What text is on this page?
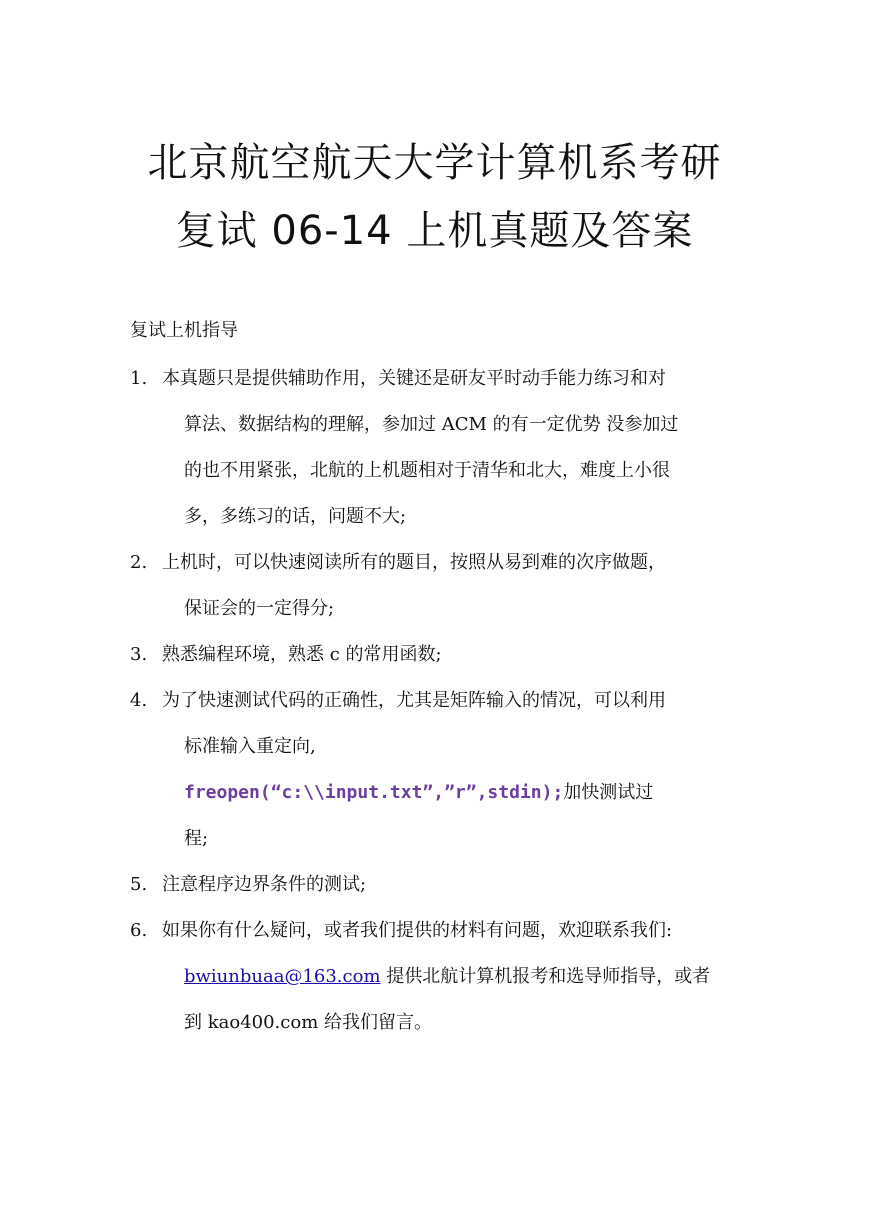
北京航空航天大学计算机系考研
复试 06-14 上机真题及答案
复试上机指导
1. 本真题只是提供辅助作用，关键还是研友平时动手能力练习和对
算法、数据结构的理解，参加过 ACM 的有一定优势 没参加过
的也不用紧张，北航的上机题相对于清华和北大，难度上小很
多，多练习的话，问题不大;
2. 上机时，可以快速阅读所有的题目，按照从易到难的次序做题，
保证会的一定得分;
3. 熟悉编程环境，熟悉 c 的常用函数;
4. 为了快速测试代码的正确性，尤其是矩阵输入的情况，可以利用
标准输入重定向,
freopen(“c:\\input.txt”,”r”,stdin);加快测试过
程;
5. 注意程序边界条件的测试;
6. 如果你有什么疑问，或者我们提供的材料有问题，欢迎联系我们:
bwiunbuaa@163.com 提供北航计算机报考和选导师指导，或者
到 kao400.com 给我们留言。
